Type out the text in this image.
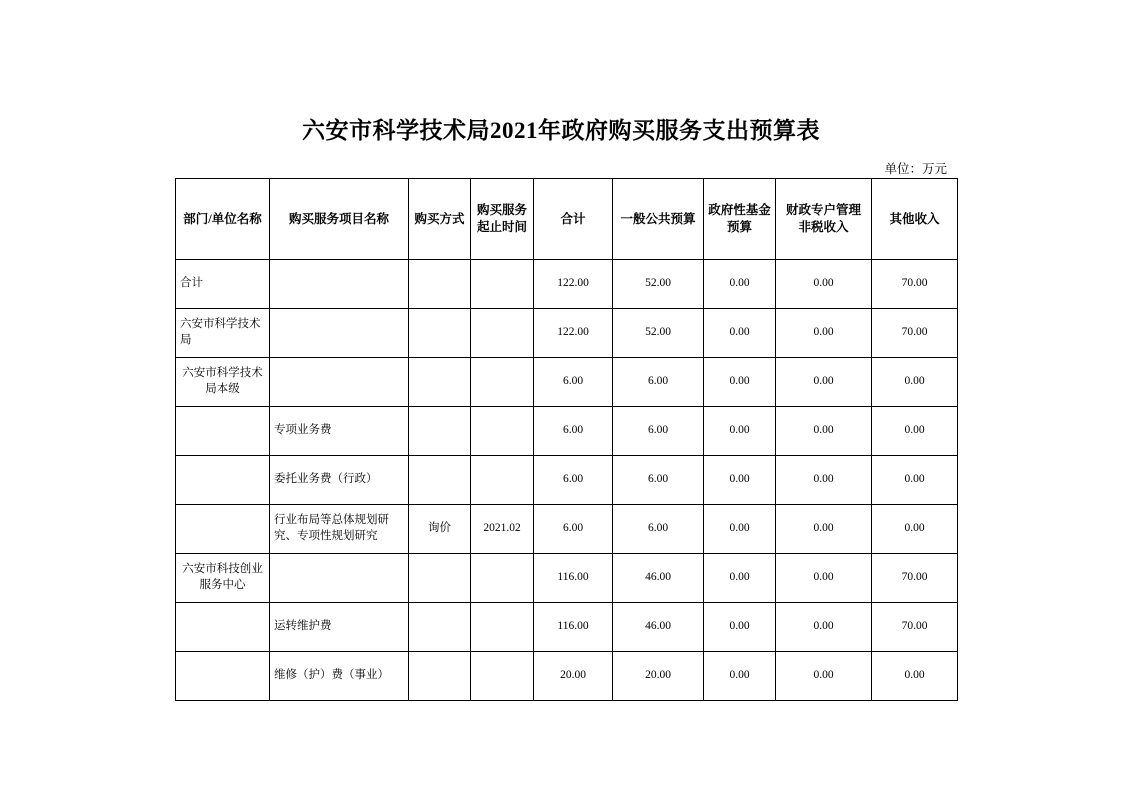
六安市科学技术局2021年政府购买服务支出预算表
单位：万元
部门/单位名称	购买服务项目名称	购买方式	购买服务起止时间	合计	一般公共预算	政府性基金预算	财政专户管理非税收入	其他收入
合计				122.00	52.00	0.00	0.00	70.00
六安市科学技术局				122.00	52.00	0.00	0.00	70.00
六安市科学技术局本级				6.00	6.00	0.00	0.00	0.00
	专项业务费			6.00	6.00	0.00	0.00	0.00
	委托业务费（行政）			6.00	6.00	0.00	0.00	0.00
	行业布局等总体规划研究、专项性规划研究	询价	2021.02	6.00	6.00	0.00	0.00	0.00
六安市科技创业服务中心				116.00	46.00	0.00	0.00	70.00
	运转维护费			116.00	46.00	0.00	0.00	70.00
	维修（护）费（事业）			20.00	20.00	0.00	0.00	0.00
